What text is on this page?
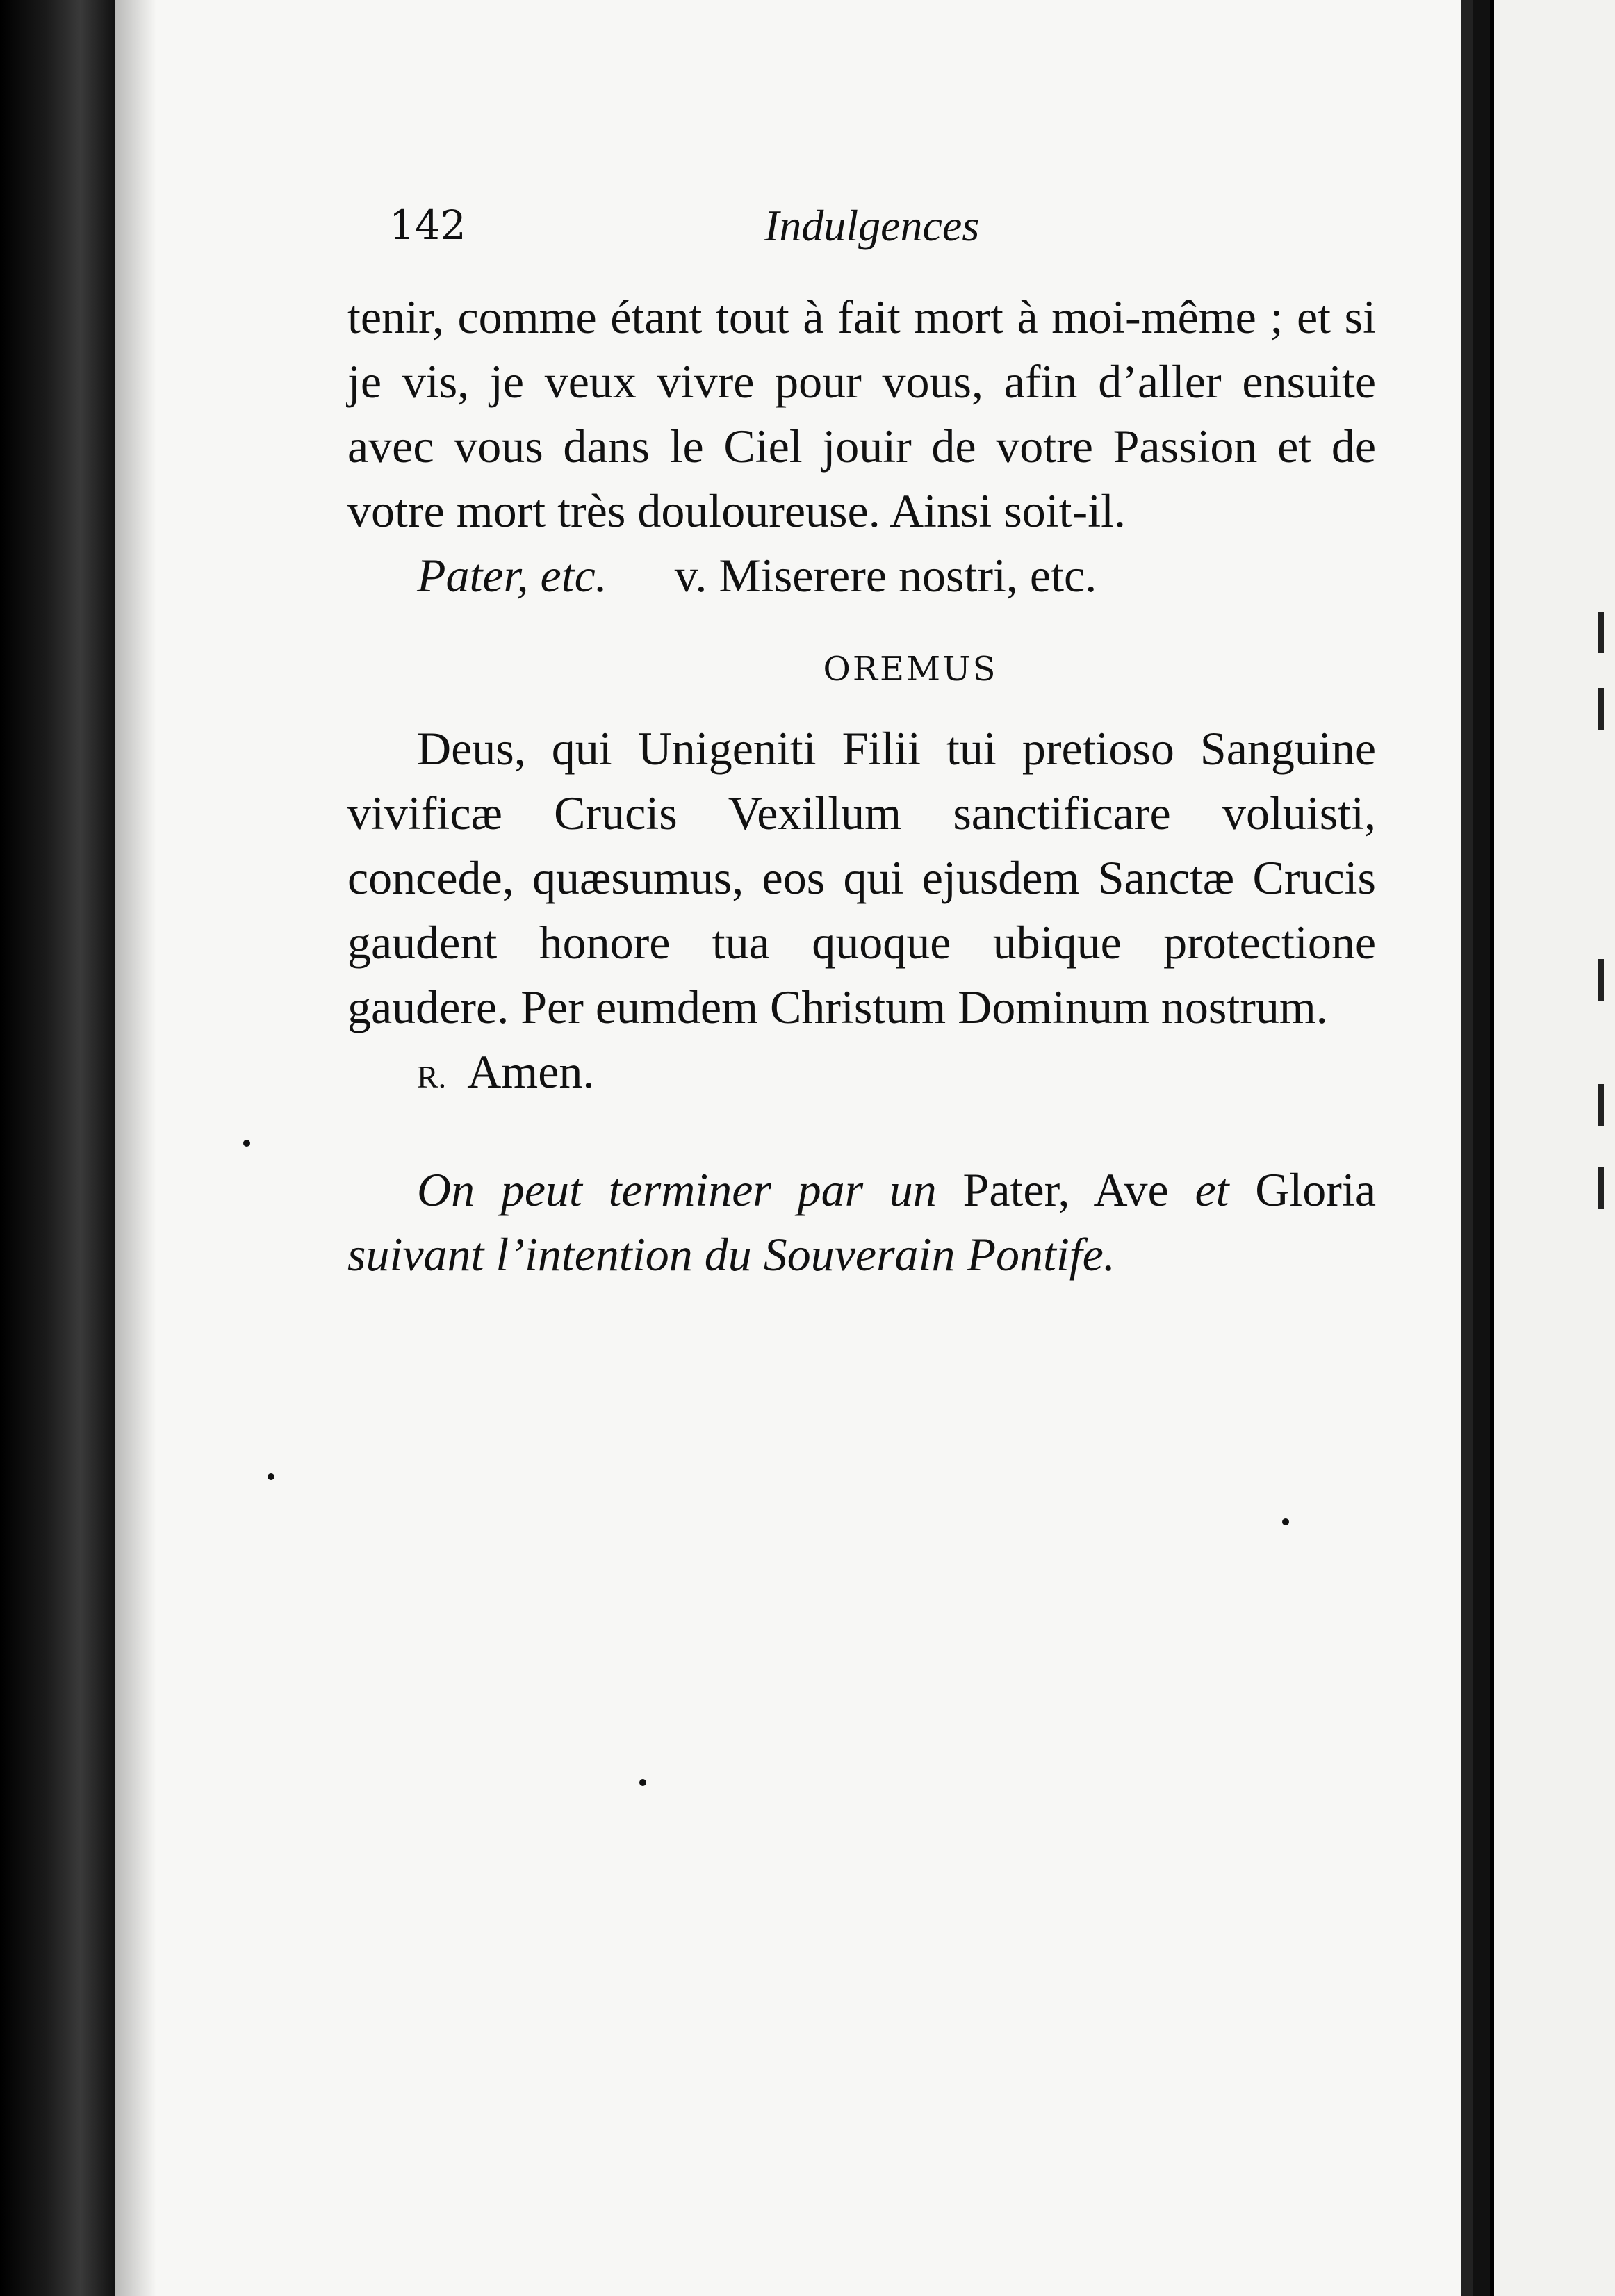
142	Indulgences

tenir, comme étant tout à fait mort à moi-même ; et si je vis, je veux vivre pour vous, afin d’aller ensuite avec vous dans le Ciel jouir de votre Passion et de votre mort très douloureuse. Ainsi soit-il.

Pater, etc. v. Miserere nostri, etc.
OREMUS

Deus, qui Unigeniti Filii tui pretioso Sanguine vivificæ Crucis Vexillum sanctificare voluisti, concede, quæsumus, eos qui ejusdem Sanctæ Crucis gaudent honore tua quoque ubique protectione gaudere. Per eumdem Christum Dominum nostrum.

R. Amen.

On peut terminer par un Pater, Ave et Gloria suivant l’intention du Souverain Pontife.
